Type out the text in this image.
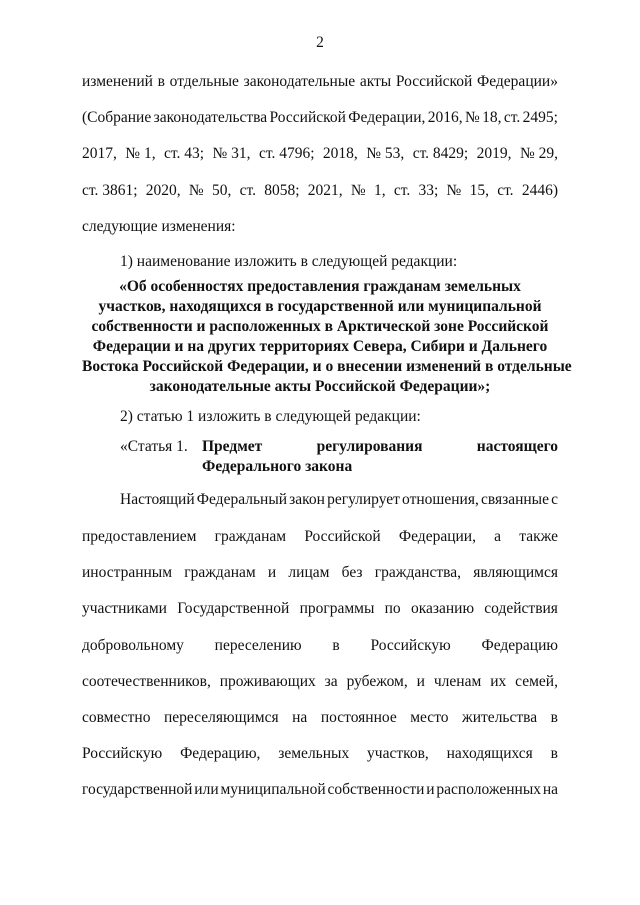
2
изменений в отдельные законодательные акты Российской Федерации»
(Собрание законодательства Российской Федерации, 2016, № 18, ст. 2495;
2017, № 1, ст. 43; № 31, ст. 4796; 2018, № 53, ст. 8429; 2019, № 29,
ст. 3861; 2020, № 50, ст. 8058; 2021, № 1, ст. 33; № 15, ст. 2446)
следующие изменения:
1) наименование изложить в следующей редакции:
«Об особенностях предоставления гражданам земельных
участков, находящихся в государственной или муниципальной
собственности и расположенных в Арктической зоне Российской
Федерации и на других территориях Севера, Сибири и Дальнего
Востока Российской Федерации, и о внесении изменений в отдельные
законодательные акты Российской Федерации»;
2) статью 1 изложить в следующей редакции:
«Статья 1. Предмет	регулирования	настоящего
Федерального закона
Настоящий Федеральный закон регулирует отношения, связанные с
предоставлением гражданам Российской Федерации, а также
иностранным гражданам и лицам без гражданства, являющимся
участниками Государственной программы по оказанию содействия
добровольному переселению в Российскую Федерацию
соотечественников, проживающих за рубежом, и членам их семей,
совместно переселяющимся на постоянное место жительства в
Российскую Федерацию, земельных участков, находящихся в
государственной или муниципальной собственности и расположенных на
